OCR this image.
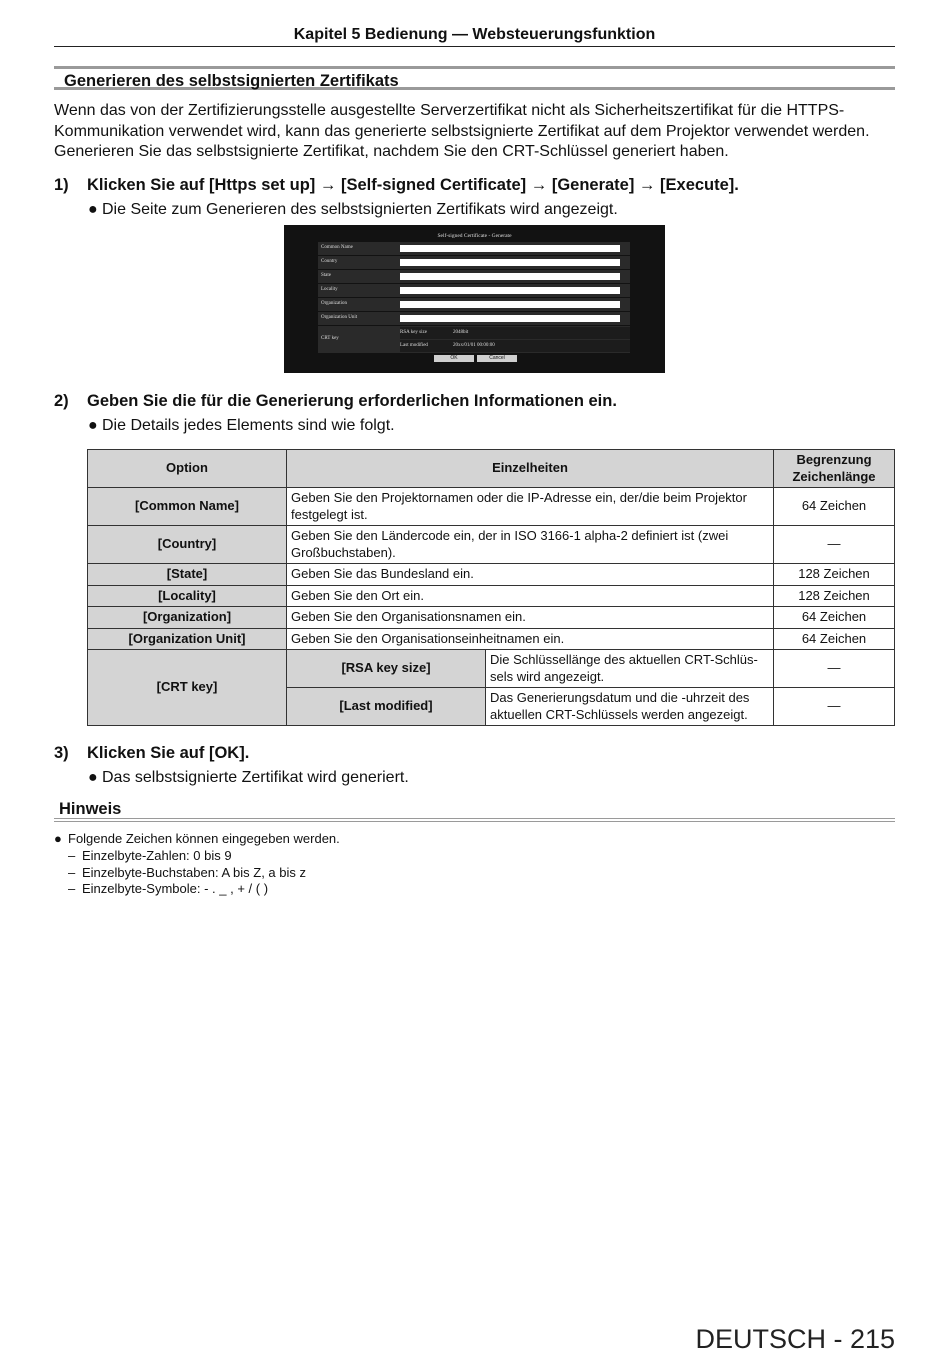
Kapitel 5 Bedienung — Websteuerungsfunktion
Generieren des selbstsignierten Zertifikats
Wenn das von der Zertifizierungsstelle ausgestellte Serverzertifikat nicht als Sicherheitszertifikat für die HTTPS-Kommunikation verwendet wird, kann das generierte selbstsignierte Zertifikat auf dem Projektor verwendet werden. Generieren Sie das selbstsignierte Zertifikat, nachdem Sie den CRT-Schlüssel generiert haben.
1) Klicken Sie auf [Https set up] → [Self-signed Certificate] → [Generate] → [Execute].
● Die Seite zum Generieren des selbstsignierten Zertifikats wird angezeigt.
Self-signed Certificate - Generate
Common Name
Country
State
Locality
Organization
Organization Unit
CRT key
RSA key size	2048bit
Last modified	20xx/01/01 00:00:00
OK	Cancel
2) Geben Sie die für die Generierung erforderlichen Informationen ein.
● Die Details jedes Elements sind wie folgt.
Option	Einzelheiten		Begrenzung
Zeichenlänge
[Common Name]	Geben Sie den Projektornamen oder die IP-Adresse ein, der/die beim Projektor festgelegt ist.		64 Zeichen
[Country]	Geben Sie den Ländercode ein, der in ISO 3166-1 alpha-2 definiert ist (zwei Großbuchstaben).		—
[State]	Geben Sie das Bundesland ein.		128 Zeichen
[Locality]	Geben Sie den Ort ein.		128 Zeichen
[Organization]	Geben Sie den Organisationsnamen ein.		64 Zeichen
[Organization Unit]	Geben Sie den Organisationseinheitnamen ein.		64 Zeichen
[CRT key]	[RSA key size]	Die Schlüssellänge des aktuellen CRT-Schlüs-sels wird angezeigt.	—
	[Last modified]	Das Generierungsdatum und die -uhrzeit des aktuellen CRT-Schlüssels werden angezeigt.	—
3) Klicken Sie auf [OK].
● Das selbstsignierte Zertifikat wird generiert.
Hinweis
● Folgende Zeichen können eingegeben werden.
– Einzelbyte-Zahlen: 0 bis 9
– Einzelbyte-Buchstaben: A bis Z, a bis z
– Einzelbyte-Symbole: - . _ , + / ( )
DEUTSCH - 215
